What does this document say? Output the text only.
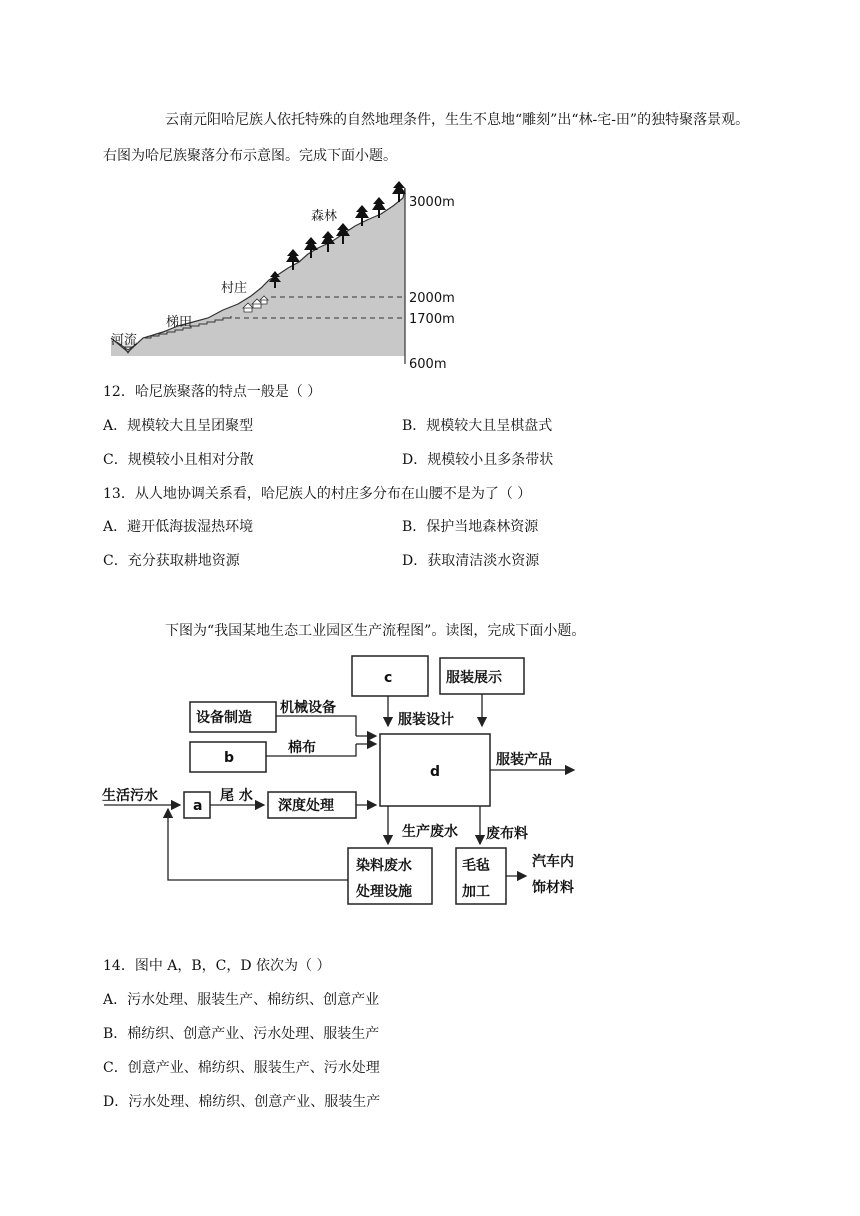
云南元阳哈尼族人依托特殊的自然地理条件，生生不息地“雕刻”出“林-宅-田”的独特聚落景观。右图为哈尼族聚落分布示意图。完成下面小题。
森林
村庄
梯田
河流
3000m
2000m
1700m
600m
12．哈尼族聚落的特点一般是（ ）
A．规模较大且呈团聚型	B．规模较大且呈棋盘式
C．规模较小且相对分散	D．规模较小且多条带状
13．从人地协调关系看，哈尼族人的村庄多分布在山腰不是为了（ ）
A．避开低海拔湿热环境	B．保护当地森林资源
C．充分获取耕地资源	D．获取清洁淡水资源
下图为“我国某地生态工业园区生产流程图”。读图，完成下面小题。
c	服装展示
设备制造
机械设备
服装设计
b
棉布
d
服装产品
生活污水
a
尾 水
深度处理
生产废水 废布料
染料废水
处理设施
毛毡
加工
汽车内
饰材料
14．图中 A，B，C，D 依次为（ ）
A．污水处理、服装生产、棉纺织、创意产业
B．棉纺织、创意产业、污水处理、服装生产
C．创意产业、棉纺织、服装生产、污水处理
D．污水处理、棉纺织、创意产业、服装生产
